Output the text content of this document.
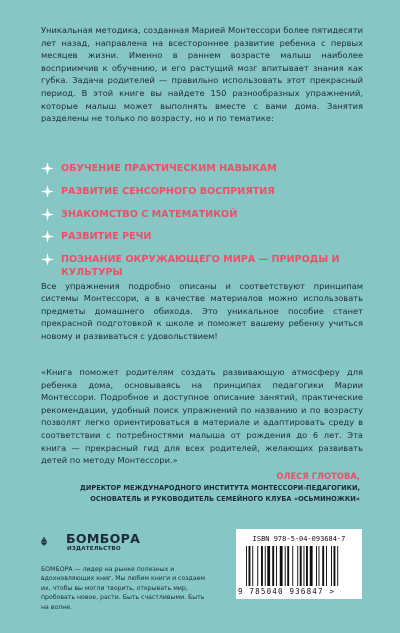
Уникальная методика, созданная Марией Монтессори более пятидесяти лет назад, направлена на всестороннее развитие ребенка с первых месяцев жизни. Именно в раннем возрасте малыш наиболее восприимчив к обучению, и его растущий мозг впитывает знания как губка. Задача родителей — правильно использовать этот прекрасный период. В этой книге вы найдете 150 разнообразных упражнений, которые малыш может выполнять вместе с вами дома. Занятия разделены не только по возрасту, но и по тематике:

ОБУЧЕНИЕ ПРАКТИЧЕСКИМ НАВЫКАМ
РАЗВИТИЕ СЕНСОРНОГО ВОСПРИЯТИЯ
ЗНАКОМСТВО С МАТЕМАТИКОЙ
РАЗВИТИЕ РЕЧИ
ПОЗНАНИЕ ОКРУЖАЮЩЕГО МИРА — ПРИРОДЫ И КУЛЬТУРЫ

Все упражнения подробно описаны и соответствуют принципам системы Монтессори, а в качестве материалов можно использовать предметы домашнего обихода. Это уникальное пособие станет прекрасной подготовкой к школе и поможет вашему ребенку учиться новому и развиваться с удовольствием!

«Книга поможет родителям создать развивающую атмосферу для ребенка дома, основываясь на принципах педагогики Марии Монтессори. Подробное и доступное описание занятий, практические рекомендации, удобный поиск упражнений по названию и по возрасту позволят легко ориентироваться в материале и адаптировать среду в соответствии с потребностями малыша от рождения до 6 лет. Эта книга — прекрасный гид для всех родителей, желающих развивать детей по методу Монтессори.»

ОЛЕСЯ ГЛОТОВА,
ДИРЕКТОР МЕЖДУНАРОДНОГО ИНСТИТУТА МОНТЕССОРИ-ПЕДАГОГИКИ,
ОСНОВАТЕЛЬ И РУКОВОДИТЕЛЬ СЕМЕЙНОГО КЛУБА «ОСЬМИНОЖКИ»
БОМБОРА
ИЗДАТЕЛЬСТВО

БОМБОРА — лидер на рынке полезных и вдохновляющих книг. Мы любим книги и создаем их, чтобы вы могли творить, открывать мир, пробовать новое, расти. Быть счастливыми. Быть на волне.

ISBN 978-5-04-093684-7
9 785040 936847 >
